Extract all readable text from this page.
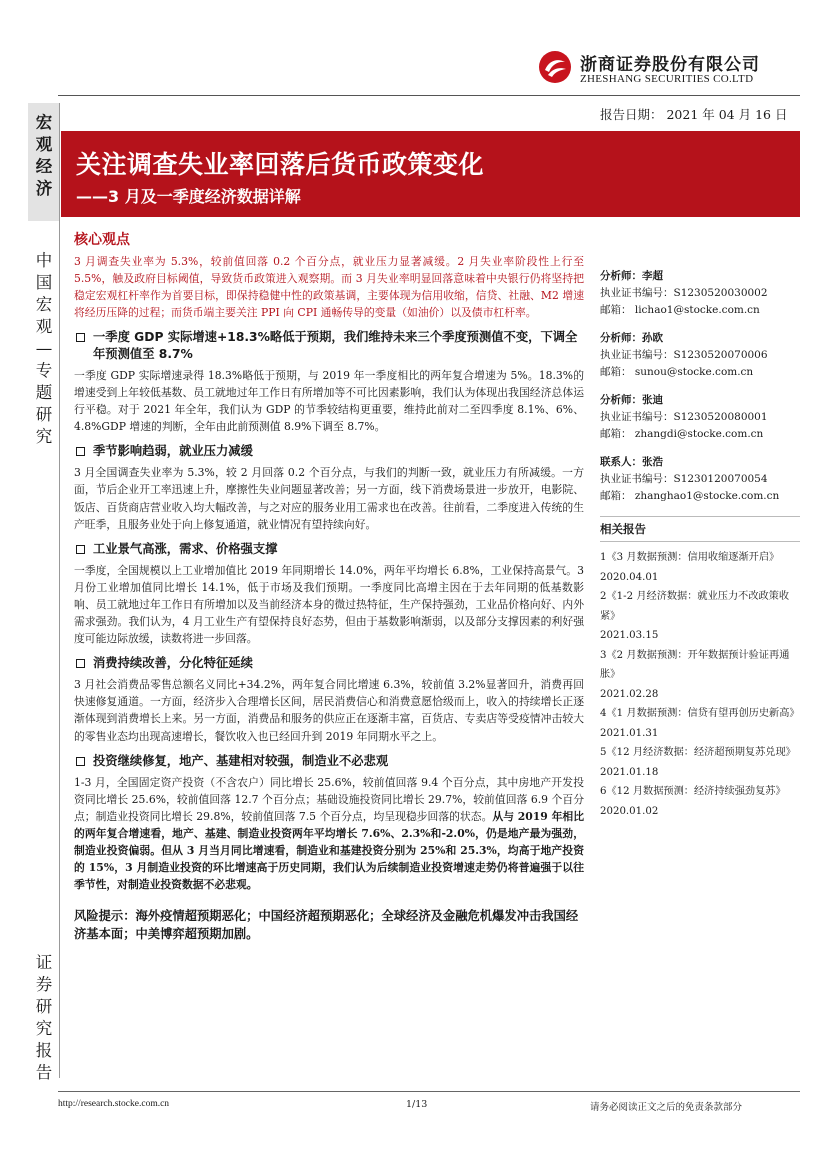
浙商证券股份有限公司
ZHESHANG SECURITIES CO.LTD
报告日期： 2021 年 04 月 16 日
宏
观
经
济
中
国
宏
观
—
专
题
研
究
证
券
研
究
报
告
关注调查失业率回落后货币政策变化
——3 月及一季度经济数据详解
核心观点
3 月调查失业率为 5.3%，较前值回落 0.2 个百分点，就业压力显著减缓。2 月失业率阶段性上行至 5.5%，触及政府目标阈值，导致货币政策进入观察期。而 3 月失业率明显回落意味着中央银行仍将坚持把稳定宏观杠杆率作为首要目标，即保持稳健中性的政策基调，主要体现为信用收缩，信贷、社融、M2 增速将经历压降的过程；而货币端主要关注 PPI 向 CPI 通畅传导的变量（如油价）以及债市杠杆率。
一季度 GDP 实际增速+18.3%略低于预期，我们维持未来三个季度预测值不变，下调全年预测值至 8.7%
一季度 GDP 实际增速录得 18.3%略低于预期，与 2019 年一季度相比的两年复合增速为 5%。18.3%的增速受到上年较低基数、员工就地过年工作日有所增加等不可比因素影响，我们认为体现出我国经济总体运行平稳。对于 2021 年全年，我们认为 GDP 的节季较结构更重要，维持此前对二至四季度 8.1%、6%、4.8%GDP 增速的判断，全年由此前预测值 8.9%下调至 8.7%。
季节影响趋弱，就业压力减缓
3 月全国调查失业率为 5.3%，较 2 月回落 0.2 个百分点，与我们的判断一致，就业压力有所减缓。一方面，节后企业开工率迅速上升，摩擦性失业问题显著改善；另一方面，线下消费场景进一步放开，电影院、饭店、百货商店营业收入均大幅改善，与之对应的服务业用工需求也在改善。往前看，二季度进入传统的生产旺季，且服务业处于向上修复通道，就业情况有望持续向好。
工业景气高涨，需求、价格强支撑
一季度，全国规模以上工业增加值比 2019 年同期增长 14.0%，两年平均增长 6.8%，工业保持高景气。3 月份工业增加值同比增长 14.1%，低于市场及我们预期。一季度同比高增主因在于去年同期的低基数影响、员工就地过年工作日有所增加以及当前经济本身的微过热特征，生产保持强劲，工业品价格向好、内外需求强劲。我们认为，4 月工业生产有望保持良好态势，但由于基数影响渐弱，以及部分支撑因素的利好强度可能边际放缓，读数将进一步回落。
消费持续改善，分化特征延续
3 月社会消费品零售总额名义同比+34.2%，两年复合同比增速 6.3%，较前值 3.2%显著回升，消费再回快速修复通道。一方面，经济步入合理增长区间，居民消费信心和消费意愿恰级而上，收入的持续增长正逐渐体现到消费增长上来。另一方面，消费品和服务的供应正在逐渐丰富，百货店、专卖店等受疫情冲击较大的零售业态均出现高速增长，餐饮收入也已经回升到 2019 年同期水平之上。
投资继续修复，地产、基建相对较强，制造业不必悲观
1-3 月，全国固定资产投资（不含农户）同比增长 25.6%，较前值回落 9.4 个百分点，其中房地产开发投资同比增长 25.6%，较前值回落 12.7 个百分点；基础设施投资同比增长 29.7%，较前值回落 6.9 个百分点；制造业投资同比增长 29.8%，较前值回落 7.5 个百分点，均呈现稳步回落的状态。从与 2019 年相比的两年复合增速看，地产、基建、制造业投资两年平均增长 7.6%、2.3%和-2.0%，仍是地产最为强劲，制造业投资偏弱。但从 3 月当月同比增速看，制造业和基建投资分别为 25%和 25.3%，均高于地产投资的 15%，3 月制造业投资的环比增速高于历史同期，我们认为后续制造业投资增速走势仍将普遍强于以往季节性，对制造业投资数据不必悲观。
风险提示：海外疫情超预期恶化；中国经济超预期恶化；全球经济及金融危机爆发冲击我国经济基本面；中美博弈超预期加剧。
分析师：李超
执业证书编号：S1230520030002
邮箱： lichao1@stocke.com.cn
分析师：孙欧
执业证书编号：S1230520070006
邮箱： sunou@stocke.com.cn
分析师：张迪
执业证书编号：S1230520080001
邮箱： zhangdi@stocke.com.cn
联系人：张浩
执业证书编号：S1230120070054
邮箱： zhanghao1@stocke.com.cn
相关报告
1《3 月数据预测：信用收缩逐渐开启》
2020.04.01
2《1-2 月经济数据：就业压力不改政策收紧》
2021.03.15
3《2 月数据预测：开年数据预计验证再通胀》
2021.02.28
4《1 月数据预测：信贷有望再创历史新高》
2021.01.31
5《12 月经济数据：经济超预期复苏兑现》
2021.01.18
6《12 月数据预测：经济持续强劲复苏》
2020.01.02
http://research.stocke.com.cn	1/13	请务必阅读正文之后的免责条款部分
